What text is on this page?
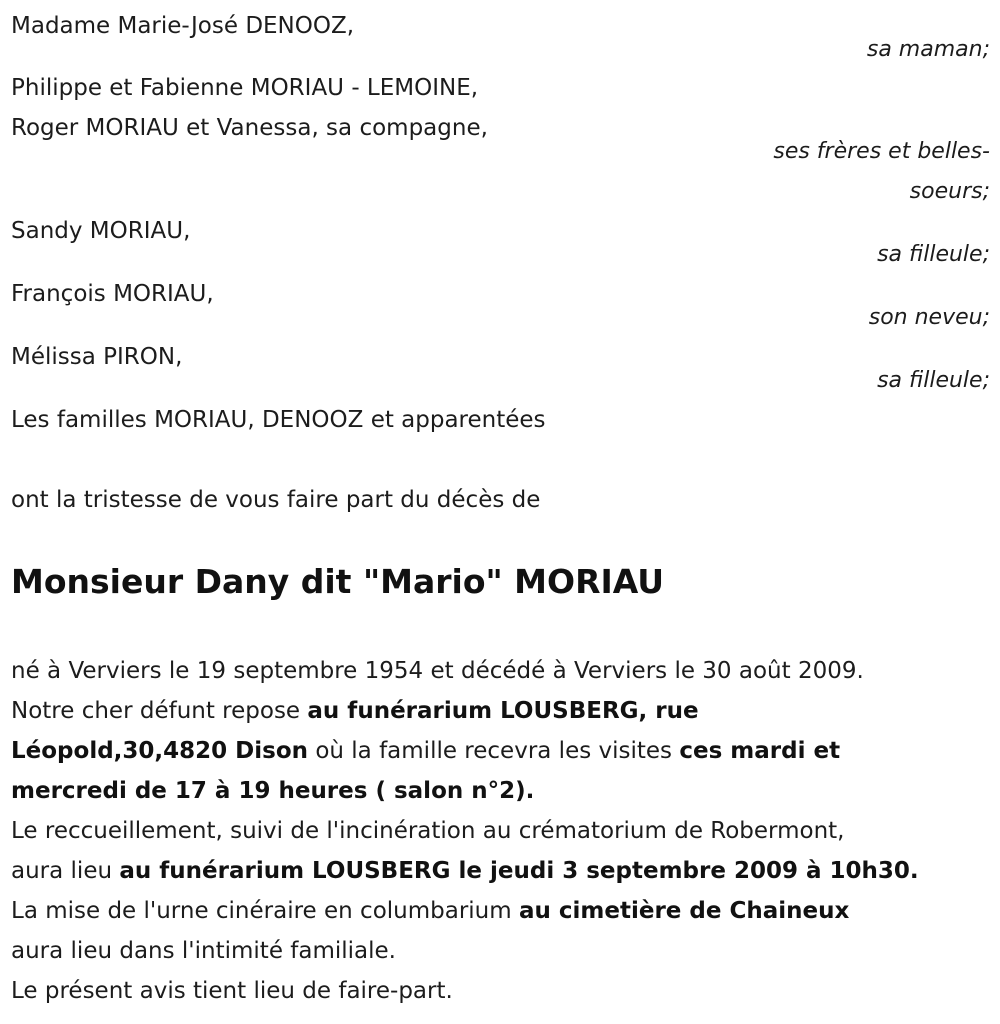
Madame Marie-José DENOOZ,
sa maman;
Philippe et Fabienne MORIAU - LEMOINE,
Roger MORIAU et Vanessa, sa compagne,
ses frères et belles-
soeurs;
Sandy MORIAU,
sa filleule;
François MORIAU,
son neveu;
Mélissa PIRON,
sa filleule;
Les familles MORIAU, DENOOZ et apparentées
ont la tristesse de vous faire part du décès de
Monsieur Dany dit "Mario" MORIAU
né à Verviers le 19 septembre 1954 et décédé à Verviers le 30 août 2009.
Notre cher défunt repose au funérarium LOUSBERG, rue
Léopold,30,4820 Dison où la famille recevra les visites ces mardi et
mercredi de 17 à 19 heures ( salon n°2).
Le reccueillement, suivi de l'incinération au crématorium de Robermont,
aura lieu au funérarium LOUSBERG le jeudi 3 septembre 2009 à 10h30.
La mise de l'urne cinéraire en columbarium au cimetière de Chaineux
aura lieu dans l'intimité familiale.
Le présent avis tient lieu de faire-part.
